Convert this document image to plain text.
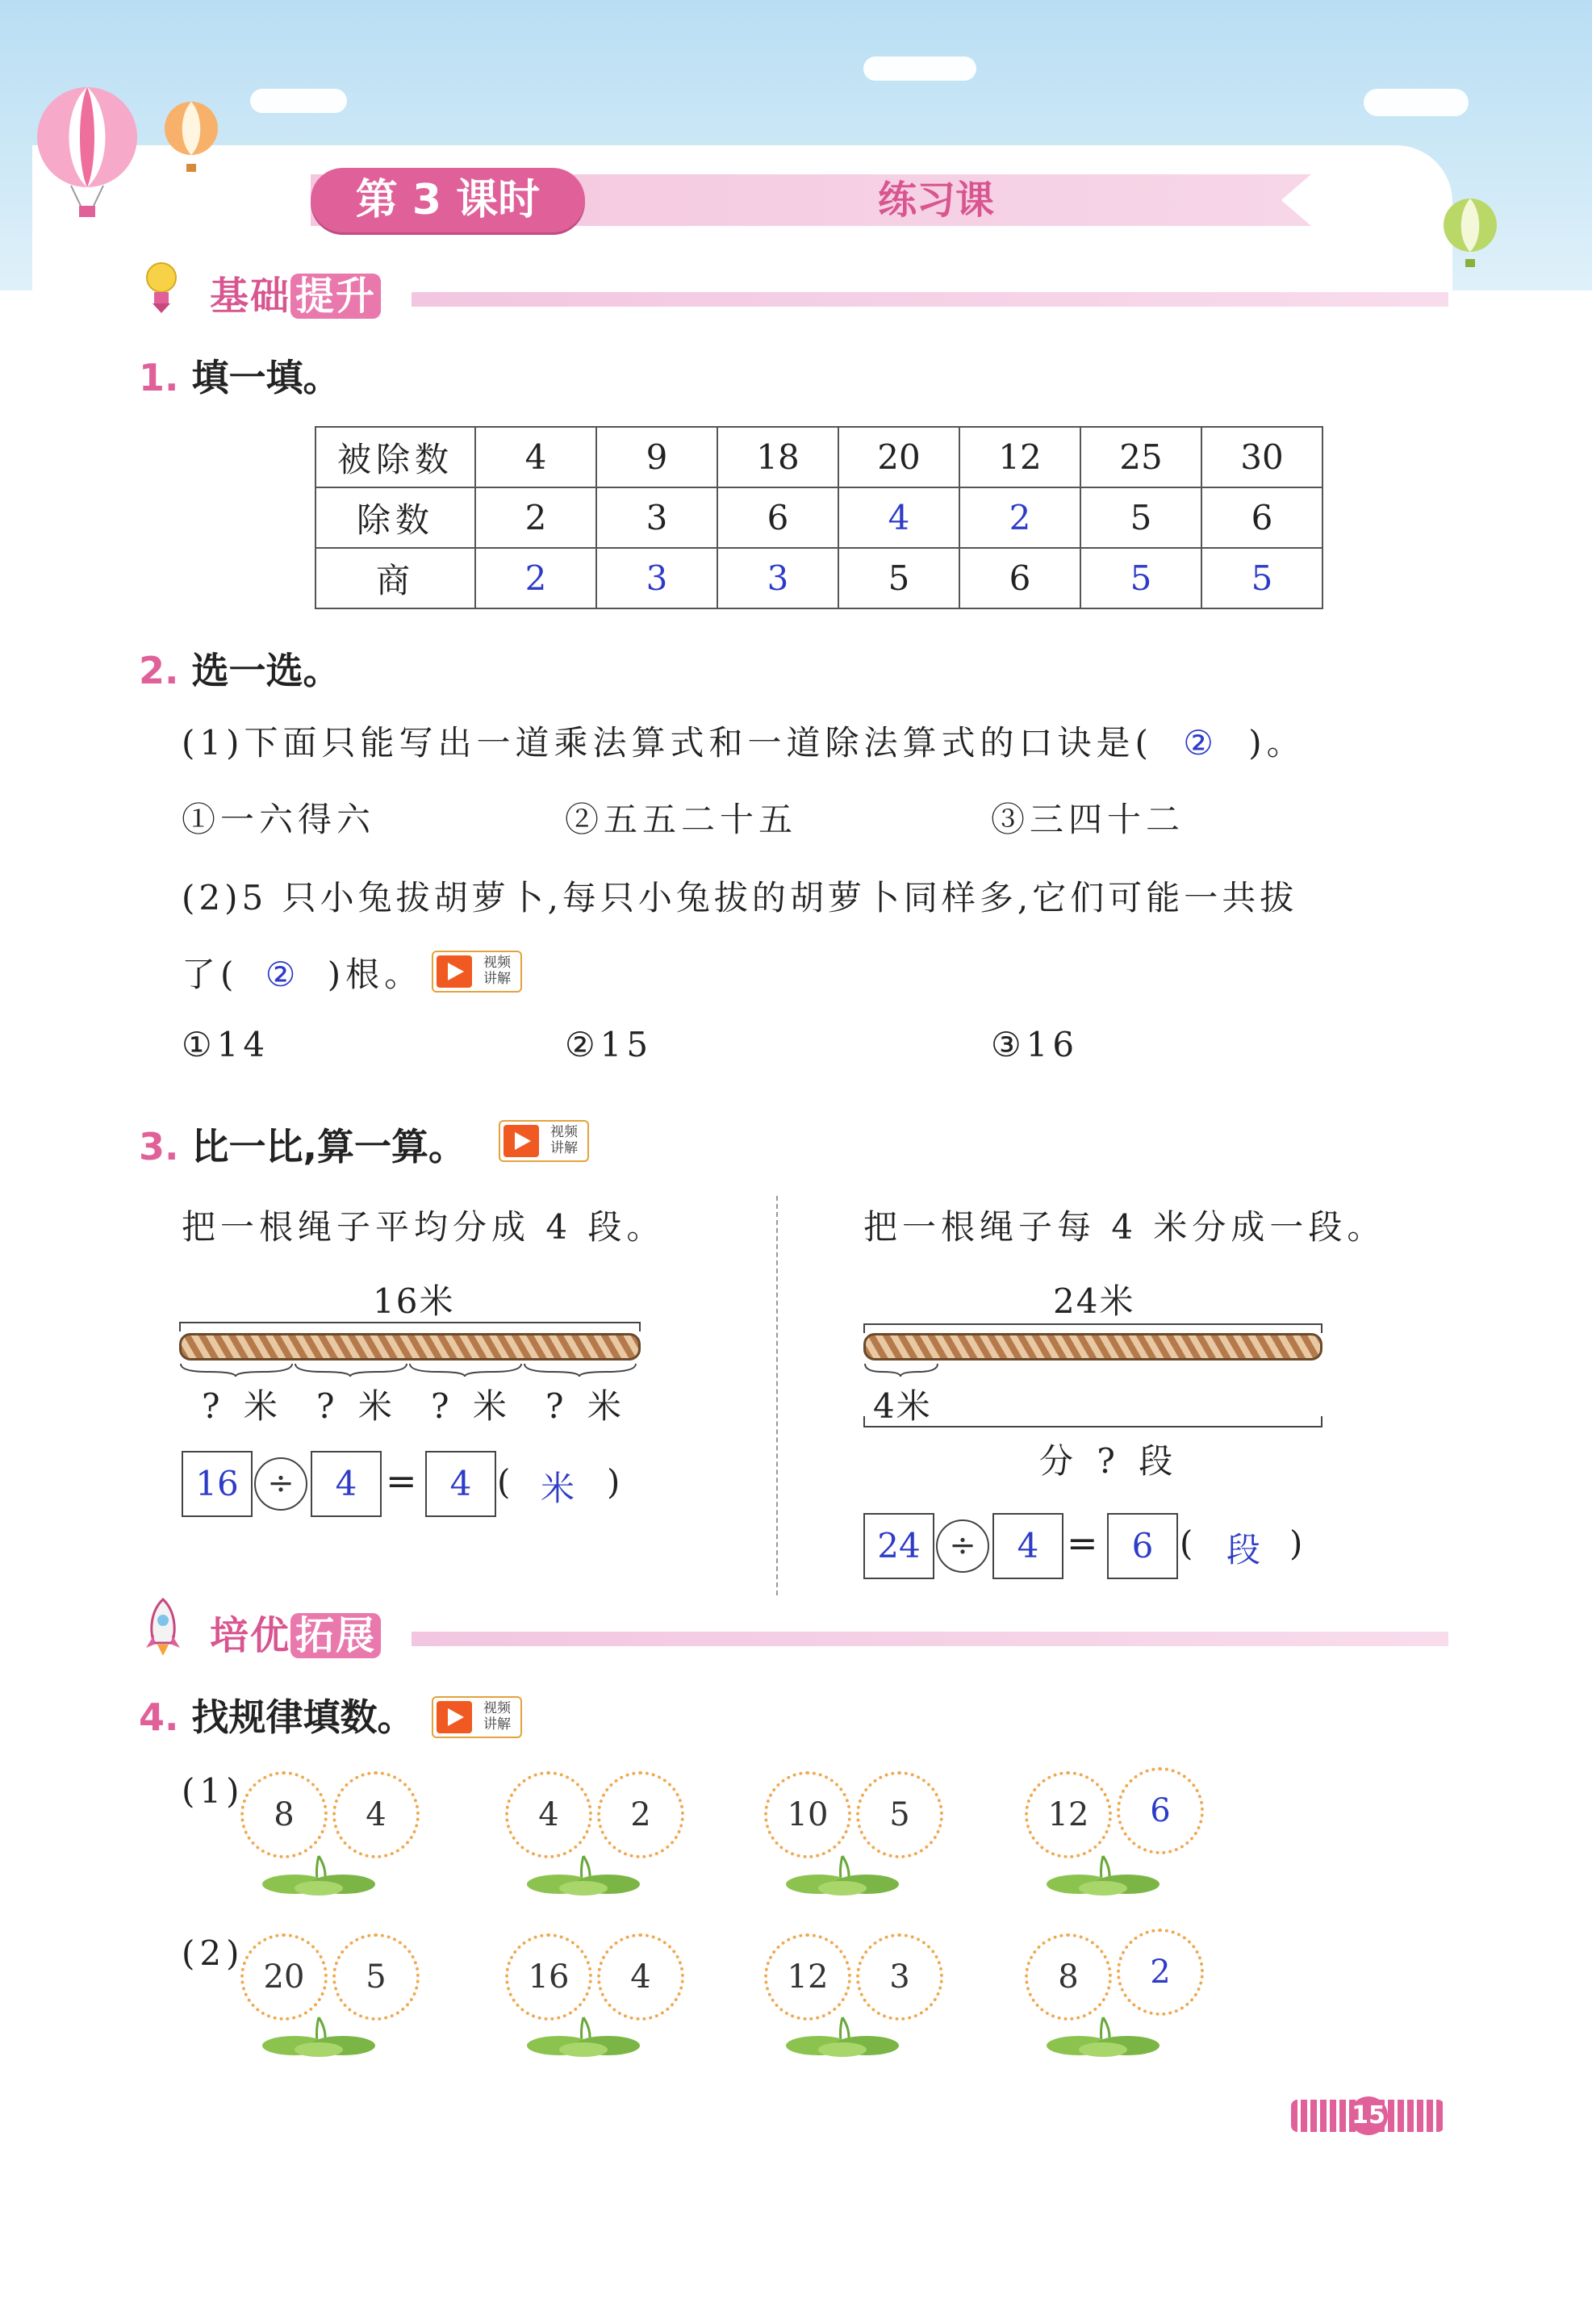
第 3 课时	练习课
基础 提升
1. 填一填。
被除数	4	9	18	20	12	25	30
除数	2	3	6	4	2	5	6
商	2	3	3	5	6	5	5
2. 选一选。
(1)下面只能写出一道乘法算式和一道除法算式的口诀是( ② )。
①一六得六	②五五二十五	③三四十二
(2)5 只小兔拔胡萝卜,每只小兔拔的胡萝卜同样多,它们可能一共拔
了( ② )根。	视频
讲解
①14	②15	③16
3. 比一比,算一算。	视频
讲解
把一根绳子平均分成 4 段。
16米
? 米 ? 米 ? 米 ? 米
16 ÷	4 = 4 ( 米 )
把一根绳子每 4 米分成一段。
24米
4米
分 ? 段
24 ÷	4 = 6 ( 段 )
培优 拓展
4. 找规律填数。	视频
讲解
(1)
(2)
8	4	4	2	10	5	12	6
20	5	16	4	12	3	8	2
15
